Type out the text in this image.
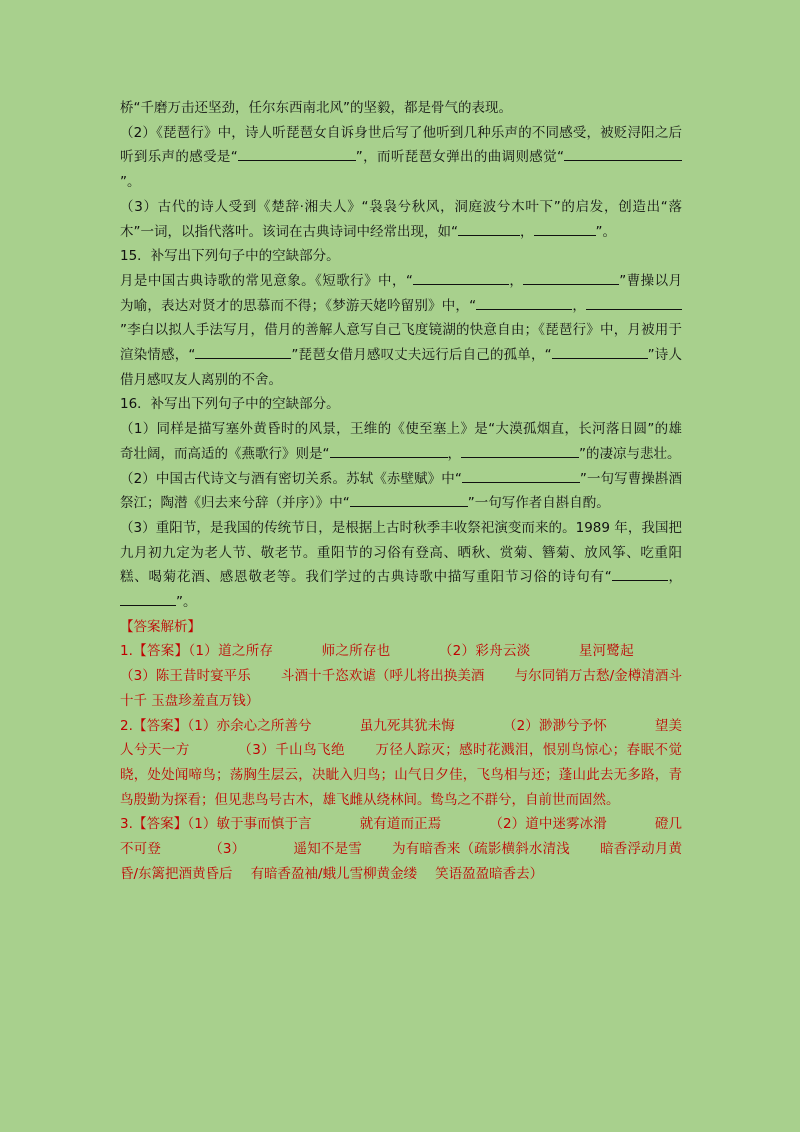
桥“千磨万击还坚劲，任尔东西南北风”的坚毅，都是骨气的表现。

（2）《琵琶行》中，诗人听琵琶女自诉身世后写了他听到几种乐声的不同感受，被贬浔阳之后听到乐声的感受是“	”，而听琵琶女弹出的曲调则感觉“”。

（3）古代的诗人受到《楚辞·湘夫人》“袅袅兮秋风，洞庭波兮木叶下”的启发，创造出“落木”一词，以指代落叶。该词在古典诗词中经常出现，如“	，	”。

15．补写出下列句子中的空缺部分。

月是中国古典诗歌的常见意象。《短歌行》中，“	，	”曹操以月为喻，表达对贤才的思慕而不得；《梦游天姥吟留别》中，“	，”李白以拟人手法写月，借月的善解人意写自己飞度镜湖的快意自由；《琵琶行》中，月被用于渲染情感，“	”琵琶女借月感叹丈夫远行后自己的孤单，“	”诗人借月感叹友人离别的不舍。

16．补写出下列句子中的空缺部分。

（1）同样是描写塞外黄昏时的风景，王维的《使至塞上》是“大漠孤烟直，长河落日圆”的雄奇壮阔，而高适的《燕歌行》则是“	，	”的凄凉与悲壮。

（2）中国古代诗文与酒有密切关系。苏轼《赤壁赋》中“	”一句写曹操斟酒祭江；陶潜《归去来兮辞（并序）》中“	”一句写作者自斟自酌。

（3）重阳节，是我国的传统节日，是根据上古时秋季丰收祭祀演变而来的。1989 年，我国把九月初九定为老人节、敬老节。重阳节的习俗有登高、晒秋、赏菊、簪菊、放风筝、吃重阳糕、喝菊花酒、感恩敬老等。我们学过的古典诗歌中描写重阳节习俗的诗句有“	，”。

【答案解析】

1.【答案】（1）道之所存	师之所存也	（2）彩舟云淡	星河鹭起（3）陈王昔时宴平乐 斗酒十千恣欢谑（呼儿将出换美酒 与尔同销万古愁/金樽清酒斗十千 玉盘珍羞直万钱）

2.【答案】（1）亦余心之所善兮	虽九死其犹未悔	（2）渺渺兮予怀	望美人兮天一方	（3）千山鸟飞绝 万径人踪灭；感时花溅泪，恨别鸟惊心；春眠不觉晓，处处闻啼鸟；荡胸生层云，决眦入归鸟；山气日夕佳，飞鸟相与还；蓬山此去无多路，青鸟殷勤为探看；但见悲鸟号古木，雄飞雌从绕林间。鸷鸟之不群兮，自前世而固然。

3.【答案】（1）敏于事而慎于言	就有道而正焉	（2）道中迷雾冰滑	磴几不可登	（3）	遥知不是雪 为有暗香来（疏影横斜水清浅 暗香浮动月黄昏/东篱把酒黄昏后 有暗香盈袖/蛾儿雪柳黄金缕 笑语盈盈暗香去）
